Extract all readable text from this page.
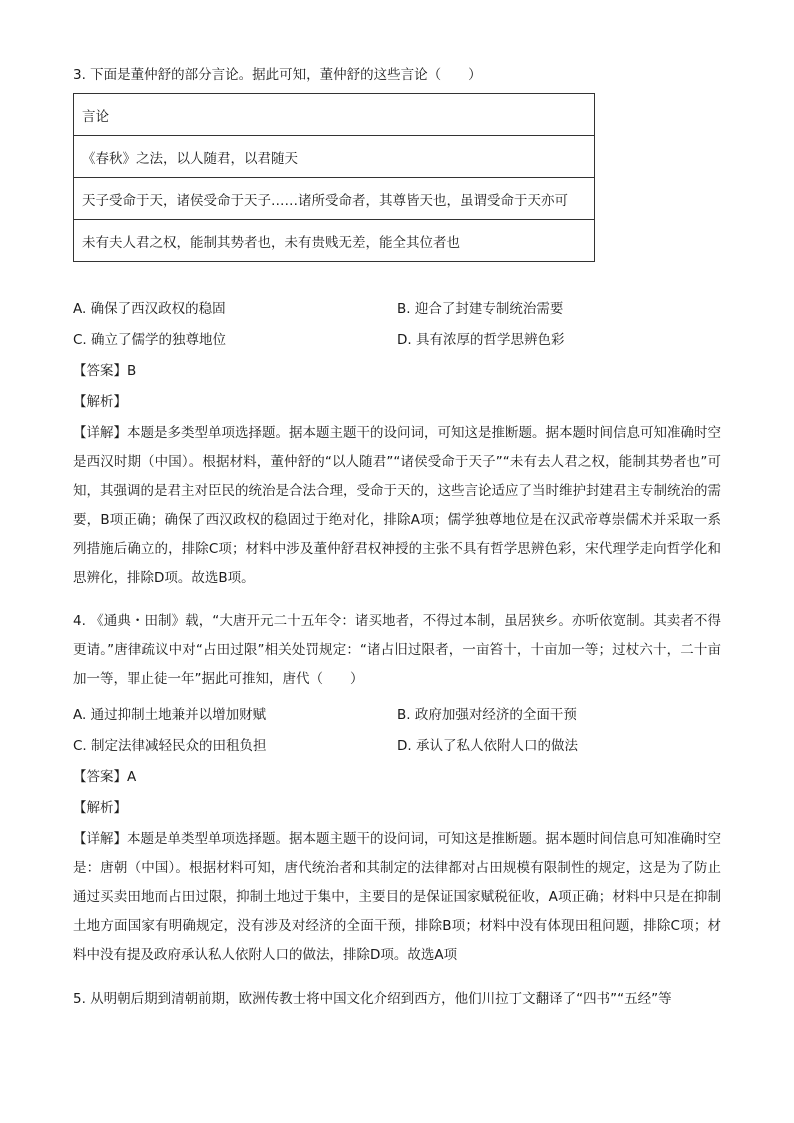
3. 下面是董仲舒的部分言论。据此可知，董仲舒的这些言论（　　）
言论
《春秋》之法，以人随君，以君随天
天子受命于天，诸侯受命于天子……诸所受命者，其尊皆天也，虽谓受命于天亦可
未有夫人君之权，能制其势者也，未有贵贱无差，能全其位者也
A. 确保了西汉政权的稳固	B. 迎合了封建专制统治需要
C. 确立了儒学的独尊地位	D. 具有浓厚的哲学思辨色彩
【答案】B
【解析】
【详解】本题是多类型单项选择题。据本题主题干的设问词，可知这是推断题。据本题时间信息可知准确时空是西汉时期（中国）。根据材料，董仲舒的“以人随君”“诸侯受命于天子”“未有去人君之权，能制其势者也”可知，其强调的是君主对臣民的统治是合法合理，受命于天的，这些言论适应了当时维护封建君主专制统治的需要，B项正确；确保了西汉政权的稳固过于绝对化，排除A项；儒学独尊地位是在汉武帝尊崇儒术并采取一系列措施后确立的，排除C项；材料中涉及董仲舒君权神授的主张不具有哲学思辨色彩，宋代理学走向哲学化和思辨化，排除D项。故选B项。
4. 《通典・田制》载，“大唐开元二十五年令：诸买地者，不得过本制，虽居狭乡。亦听依宽制。其卖者不得更请。”唐律疏议中对“占田过限”相关处罚规定：“诸占旧过限者，一亩笞十，十亩加一等；过杖六十，二十亩加一等，罪止徒一年”据此可推知，唐代（　　）
A. 通过抑制土地兼并以增加财赋	B. 政府加强对经济的全面干预
C. 制定法律减轻民众的田租负担	D. 承认了私人依附人口的做法
【答案】A
【解析】
【详解】本题是单类型单项选择题。据本题主题干的设问词，可知这是推断题。据本题时间信息可知准确时空是：唐朝（中国）。根据材料可知，唐代统治者和其制定的法律都对占田规模有限制性的规定，这是为了防止通过买卖田地而占田过限，抑制土地过于集中，主要目的是保证国家赋税征收，A项正确；材料中只是在抑制土地方面国家有明确规定，没有涉及对经济的全面干预，排除B项；材料中没有体现田租问题，排除C项；材料中没有提及政府承认私人依附人口的做法，排除D项。故选A项
5. 从明朝后期到清朝前期，欧洲传教士将中国文化介绍到西方，他们川拉丁文翻译了“四书”“五经”等
